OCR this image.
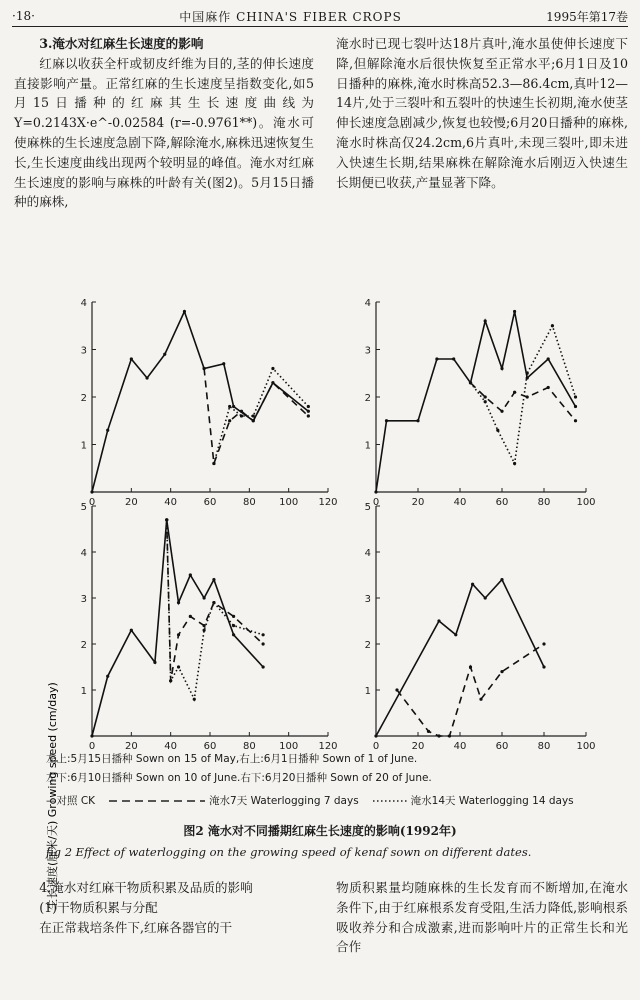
·18·	中国麻作 CHINA'S FIBER CROPS	1995年第17卷

3.淹水对红麻生长速度的影响

红麻以收获全杆或韧皮纤维为目的,茎的伸长速度直接影响产量。正常红麻的生长速度呈指数变化,如5月15日播种的红麻其生长速度曲线为 Y=0.2143X·e^-0.02584 (r=-0.9761**)。淹水可使麻株的生长速度急剧下降,解除淹水,麻株迅速恢复生长,生长速度曲线出现两个较明显的峰值。淹水对红麻生长速度的影响与麻株的叶龄有关(图2)。5月15日播种的麻株,

淹水时已现七裂叶达18片真叶,淹水虽使伸长速度下降,但解除淹水后很快恢复至正常水平;6月1日及10日播种的麻株,淹水时株高52.3—86.4cm,真叶12—14片,处于三裂叶和五裂叶的快速生长初期,淹水使茎伸长速度急剧减少,恢复也较慢;6月20日播种的麻株,淹水时株高仅24.2cm,6片真叶,未现三裂叶,即未进入快速生长期,结果麻株在解除淹水后刚迈入快速生长期便已收获,产量显著下降。

生长速度(厘米/天) Growing speed (cm/day)
0	20	40	60	80 100 120
1
2
3
4
0	20	40	60	80	100
1
2
3
4
0	20	40	60	80 100 120
1
2
3
4
5
0	20	40	60	80	100
1
2
3
4
5
左上:5月15日播种 Sown on 15 of May,右上:6月1日播种 Sown of 1 of June.
左下:6月10日播种 Sown on 10 of June.右下:6月20日播种 Sown of 20 of June.
—对照 CK	淹水7天 Waterlogging 7 days	淹水14天 Waterlogging 14 days
图2 淹水对不同播期红麻生长速度的影响(1992年)
fig 2 Effect of waterlogging on the growing speed of kenaf sown on different dates.

4.淹水对红麻干物质积累及品质的影响

(1)干物质积累与分配

在正常栽培条件下,红麻各器官的干

物质积累量均随麻株的生长发育而不断增加,在淹水条件下,由于红麻根系发育受阻,生活力降低,影响根系吸收养分和合成激素,进而影响叶片的正常生长和光合作
